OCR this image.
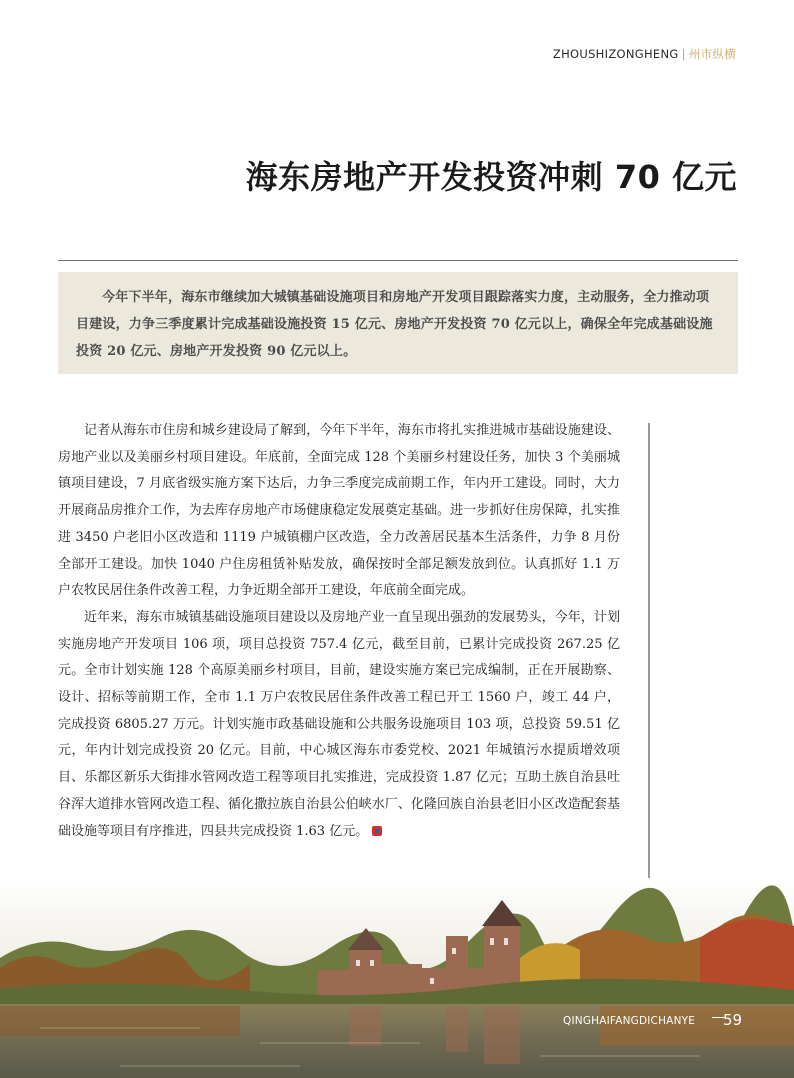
ZHOUSHIZONGHENG | 州市纵横
海东房地产开发投资冲刺 70 亿元

今年下半年，海东市继续加大城镇基础设施项目和房地产开发项目跟踪落实力度，主动服务，全力推动项目建设，力争三季度累计完成基础设施投资 15 亿元、房地产开发投资 70 亿元以上，确保全年完成基础设施投资 20 亿元、房地产开发投资 90 亿元以上。

记者从海东市住房和城乡建设局了解到，今年下半年，海东市将扎实推进城市基础设施建设、房地产业以及美丽乡村项目建设。年底前，全面完成 128 个美丽乡村建设任务，加快 3 个美丽城镇项目建设，7 月底省级实施方案下达后，力争三季度完成前期工作，年内开工建设。同时，大力开展商品房推介工作，为去库存房地产市场健康稳定发展奠定基础。进一步抓好住房保障，扎实推进 3450 户老旧小区改造和 1119 户城镇棚户区改造，全力改善居民基本生活条件，力争 8 月份全部开工建设。加快 1040 户住房租赁补贴发放，确保按时全部足额发放到位。认真抓好 1.1 万户农牧民居住条件改善工程，力争近期全部开工建设，年底前全面完成。

近年来，海东市城镇基础设施项目建设以及房地产业一直呈现出强劲的发展势头，今年，计划实施房地产开发项目 106 项，项目总投资 757.4 亿元，截至目前，已累计完成投资 267.25 亿元。全市计划实施 128 个高原美丽乡村项目，目前，建设实施方案已完成编制，正在开展勘察、设计、招标等前期工作，全市 1.1 万户农牧民居住条件改善工程已开工 1560 户，竣工 44 户，完成投资 6805.27 万元。计划实施市政基础设施和公共服务设施项目 103 项，总投资 59.51 亿元，年内计划完成投资 20 亿元。目前，中心城区海东市委党校、2021 年城镇污水提质增效项目、乐都区新乐大街排水管网改造工程等项目扎实推进，完成投资 1.87 亿元；互助土族自治县吐谷浑大道排水管网改造工程、循化撒拉族自治县公伯峡水厂、化隆回族自治县老旧小区改造配套基础设施等项目有序推进，四县共完成投资 1.63 亿元。

QINGHAIFANGDICHANYE 59
